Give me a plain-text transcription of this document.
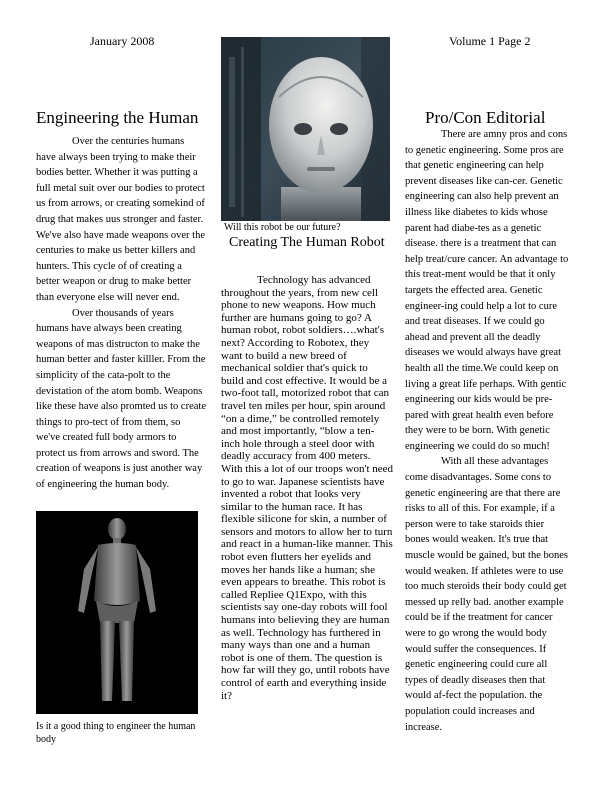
January 2008	Volume 1 Page 2
Will this robot be our future?
Creating The Human Robot
Engineering the Human

Over the centuries humans have always been trying to make their bodies better. Whether it was putting a full metal suit over our bodies to protect us from arrows, or creating somekind of drug that makes uus stronger and faster. We've also have made weapons over the centuries to make us better killers and hunters. This cycle of of creating a better weapon or drug to make better than everyone else will never end.

Over thousands of years humans have always been creating weapons of mas distructon to make the human better and faster killler. From the simplicity of the cata-polt to the devistation of the atom bomb. Weapons like these have also promted us to create things to pro-tect of from them, so we've created full body armors to protect us from arrows and sword. The creation of weapons is just another way of engineering the human body.

Is it a good thing to engineer the human body

Technology has advanced throughout the years, from new cell phone to new weapons. How much further are humans going to go? A human robot, robot soldiers….what's next? According to Robotex, they want to build a new breed of mechanical soldier that's quick to build and cost effective. It would be a two-foot tall, motorized robot that can travel ten miles per hour, spin around “on a dime,” be controlled remotely and most importantly, “blow a ten-inch hole through a steel door with deadly accuracy from 400 meters. With this a lot of our troops won't need to go to war. Japanese scientists have invented a robot that looks very similar to the human race. It has flexible silicone for skin, a number of sensors and motors to allow her to turn and react in a human-like manner. This robot even flutters her eyelids and moves her hands like a human; she even appears to breathe. This robot is called Repliee Q1Expo, with this scientists say one-day robots will fool humans into believing they are human as well. Technology has furthered in many ways than one and a human robot is one of them. The question is how far will they go, until robots have control of earth and everything inside it?

Pro/Con Editorial

There are amny pros and cons to genetic engineering. Some pros are that genetic engineering can help prevent diseases like can-cer. Genetic engineering can also help prevent an illness like diabetes to kids whose parent had diabe-tes as a genetic disease. there is a treatment that can help treat/cure cancer. An advantage to this treat-ment would be that it only targets the effected area. Genetic engineer-ing could help a lot to cure and treat diseases. If we could go ahead and prevent all the deadly diseases we would always have great health all the time.We could keep on living a great life perhaps. With gentic engineering our kids would be pre-pared with great health even before they were to be born. With genetic engineering we could do so much!

With all these advantages come disadvantages. Some cons to genetic engineering are that there are risks to all of this. For example, if a person were to take staroids thier bones would weaken. It's true that muscle would be gained, but the bones would weaken. If athletes were to use too much steroids their body could get messed up relly bad. another example could be if the treatment for cancer were to go wrong the would body would suffer the consequences. If genetic engineering could cure all types of deadly diseases then that would af-fect the population. the population could increases and increase.
